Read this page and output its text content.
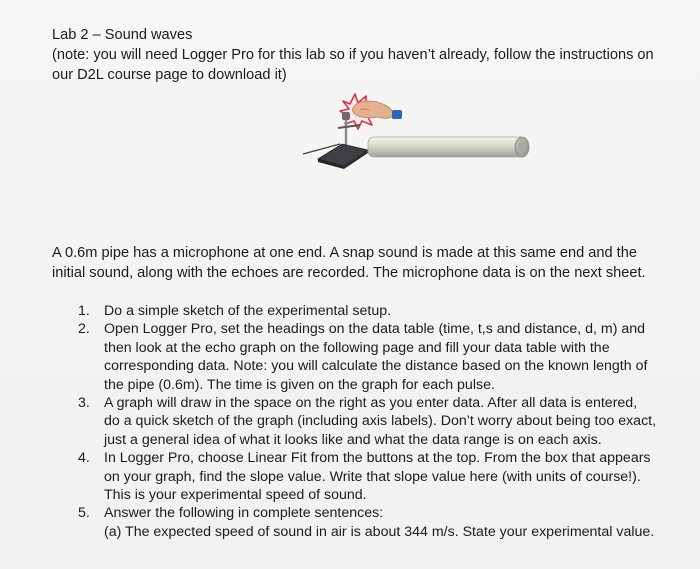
Lab 2 – Sound waves
(note: you will need Logger Pro for this lab so if you haven’t already, follow the instructions on
our D2L course page to download it)
A 0.6m pipe has a microphone at one end. A snap sound is made at this same end and the
initial sound, along with the echoes are recorded. The microphone data is on the next sheet.
1. Do a simple sketch of the experimental setup.
2. Open Logger Pro, set the headings on the data table (time, t,s and distance, d, m) and
then look at the echo graph on the following page and fill your data table with the
corresponding data. Note: you will calculate the distance based on the known length of
the pipe (0.6m). The time is given on the graph for each pulse.
3. A graph will draw in the space on the right as you enter data. After all data is entered,
do a quick sketch of the graph (including axis labels). Don’t worry about being too exact,
just a general idea of what it looks like and what the data range is on each axis.
4. In Logger Pro, choose Linear Fit from the buttons at the top. From the box that appears
on your graph, find the slope value. Write that slope value here (with units of course!).
This is your experimental speed of sound.
5. Answer the following in complete sentences:
(a) The expected speed of sound in air is about 344 m/s. State your experimental value.
